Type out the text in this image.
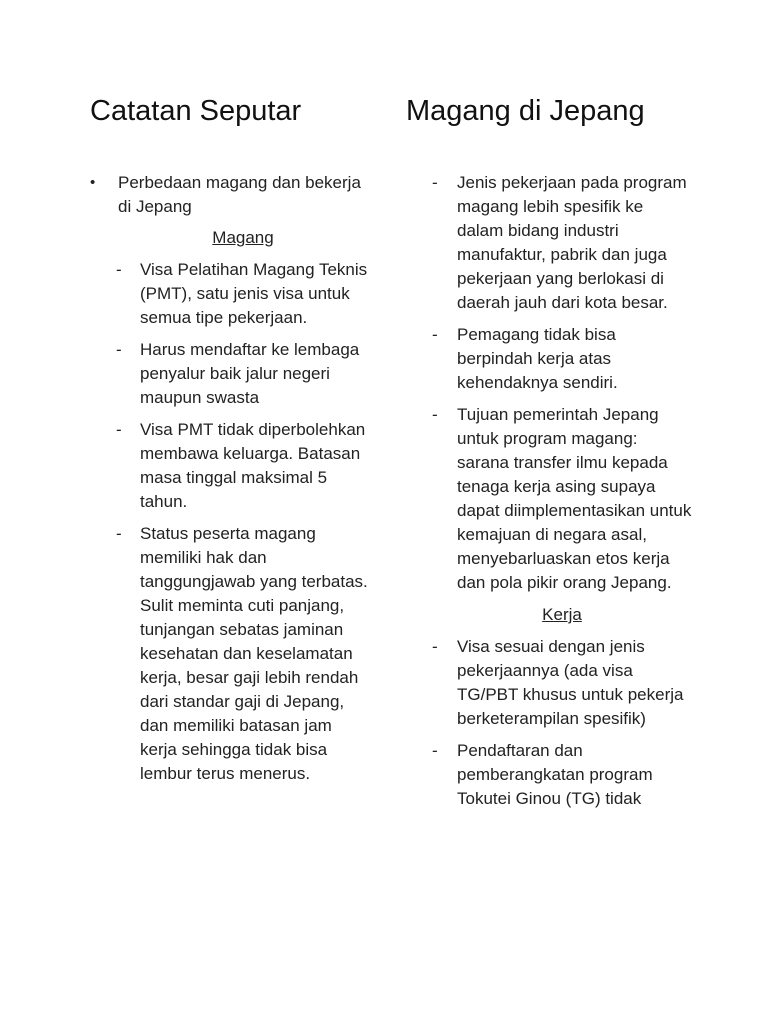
Catatan Seputar	Magang di Jepang
• Perbedaan magang dan bekerja di Jepang
Magang
- Visa Pelatihan Magang Teknis (PMT), satu jenis visa untuk semua tipe pekerjaan.
- Harus mendaftar ke lembaga penyalur baik jalur negeri maupun swasta
- Visa PMT tidak diperbolehkan membawa keluarga. Batasan masa tinggal maksimal 5 tahun.
- Status peserta magang memiliki hak dan tanggungjawab yang terbatas. Sulit meminta cuti panjang, tunjangan sebatas jaminan kesehatan dan keselamatan kerja, besar gaji lebih rendah dari standar gaji di Jepang, dan memiliki batasan jam kerja sehingga tidak bisa lembur terus menerus.
- Jenis pekerjaan pada program magang lebih spesifik ke dalam bidang industri manufaktur, pabrik dan juga pekerjaan yang berlokasi di daerah jauh dari kota besar.
- Pemagang tidak bisa berpindah kerja atas kehendaknya sendiri.
- Tujuan pemerintah Jepang untuk program magang: sarana transfer ilmu kepada tenaga kerja asing supaya dapat diimplementasikan untuk kemajuan di negara asal, menyebarluaskan etos kerja dan pola pikir orang Jepang.
Kerja
- Visa sesuai dengan jenis pekerjaannya (ada visa TG/PBT khusus untuk pekerja berketerampilan spesifik)
- Pendaftaran dan pemberangkatan program Tokutei Ginou (TG) tidak
